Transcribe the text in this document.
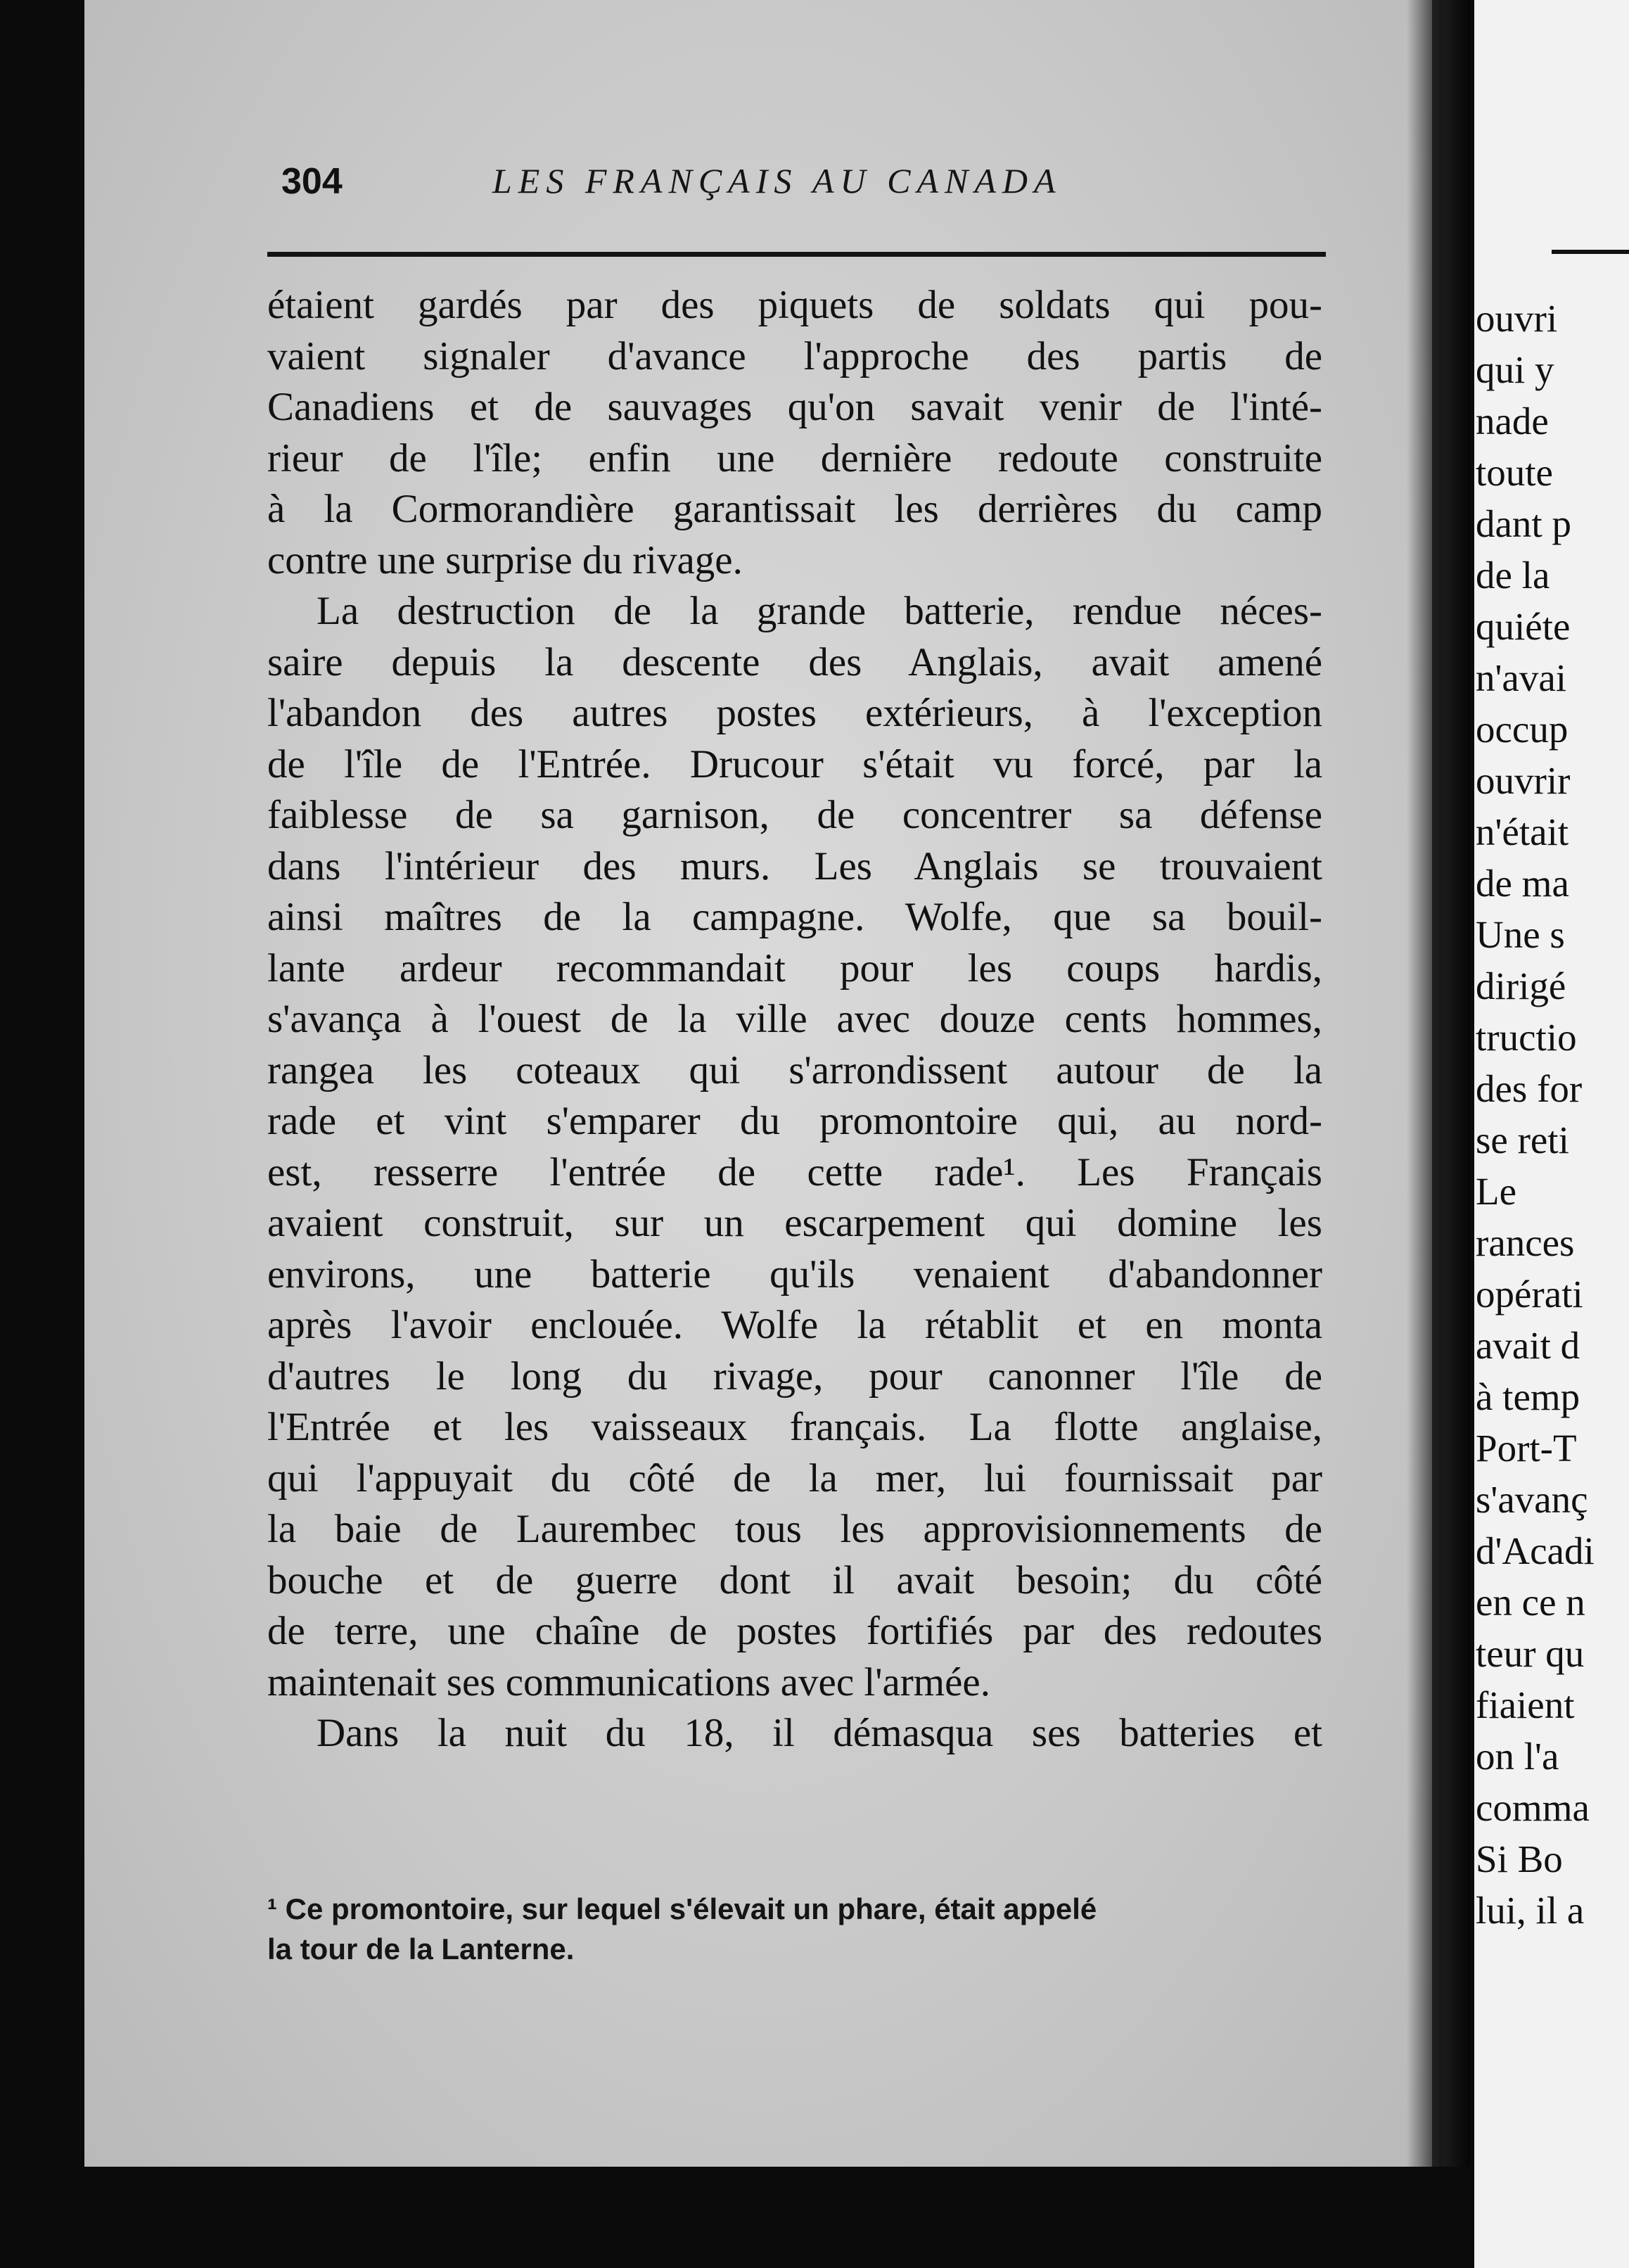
304	LES FRANÇAIS AU CANADA
étaient gardés par des piquets de soldats qui pou-
vaient signaler d'avance l'approche des partis de
Canadiens et de sauvages qu'on savait venir de l'inté-
rieur de l'île; enfin une dernière redoute construite
à la Cormorandière garantissait les derrières du camp
contre une surprise du rivage.
La destruction de la grande batterie, rendue néces-
saire depuis la descente des Anglais, avait amené
l'abandon des autres postes extérieurs, à l'exception
de l'île de l'Entrée. Drucour s'était vu forcé, par la
faiblesse de sa garnison, de concentrer sa défense
dans l'intérieur des murs. Les Anglais se trouvaient
ainsi maîtres de la campagne. Wolfe, que sa bouil-
lante ardeur recommandait pour les coups hardis,
s'avança à l'ouest de la ville avec douze cents hommes,
rangea les coteaux qui s'arrondissent autour de la
rade et vint s'emparer du promontoire qui, au nord-
est, resserre l'entrée de cette rade¹. Les Français
avaient construit, sur un escarpement qui domine les
environs, une batterie qu'ils venaient d'abandonner
après l'avoir enclouée. Wolfe la rétablit et en monta
d'autres le long du rivage, pour canonner l'île de
l'Entrée et les vaisseaux français. La flotte anglaise,
qui l'appuyait du côté de la mer, lui fournissait par
la baie de Laurembec tous les approvisionnements de
bouche et de guerre dont il avait besoin; du côté
de terre, une chaîne de postes fortifiés par des redoutes
maintenait ses communications avec l'armée.
Dans la nuit du 18, il démasqua ses batteries et
¹ Ce promontoire, sur lequel s'élevait un phare, était appelé
la tour de la Lanterne.
ouvri
qui y
nade
toute
dant p
de la
quiéte
n'avai
occup
ouvrir
n'était
de ma
Une s
dirigé
tructio
des for
se reti
Le
rances
opérati
avait d
à temp
Port-T
s'avanç
d'Acadi
en ce n
teur qu
fiaient
on l'a
comma
Si Bo
lui, il a
